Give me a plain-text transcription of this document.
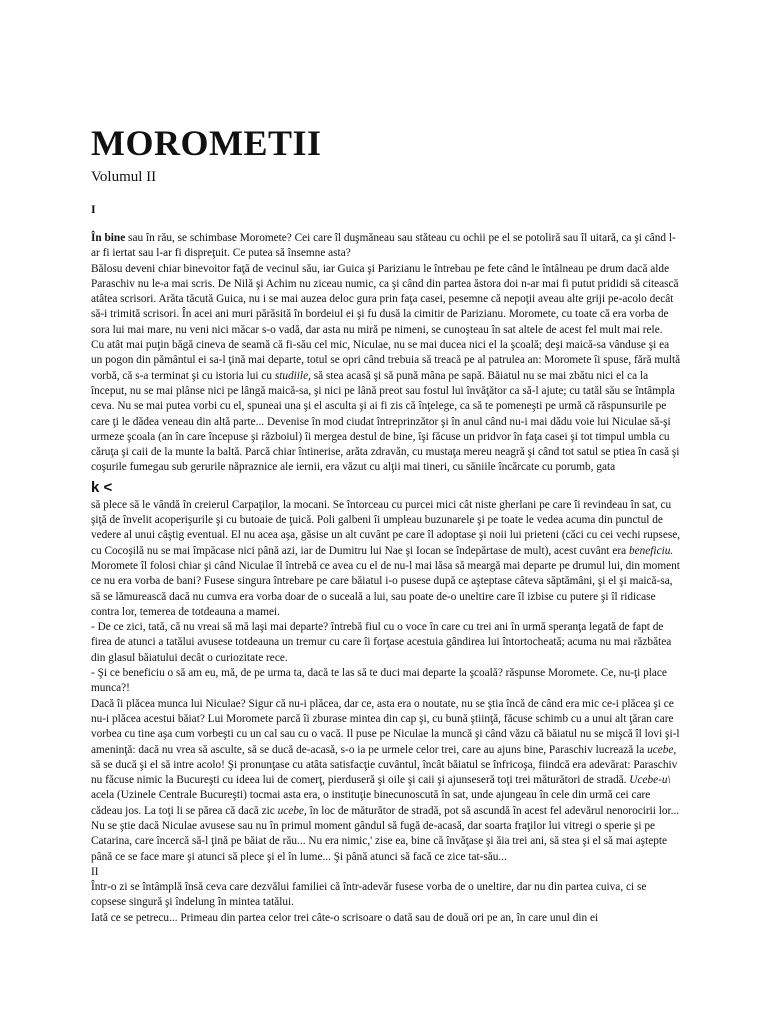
MOROMETII
Volumul II
I

În bine sau în rău, se schimbase Moromete? Cei care îl duşmăneau sau stăteau cu ochii pe el se potoliră sau îl uitară, ca şi când l-ar fi iertat sau l-ar fi dispreţuit. Ce putea să însemne asta?

Bălosu deveni chiar binevoitor faţă de vecinul său, iar Guica şi Parizianu le întrebau pe fete când le întâlneau pe drum dacă alde Paraschiv nu le-a mai scris. De Nilă şi Achim nu ziceau numic, ca şi când din partea ăstora doi n-ar mai fi putut prididi să citească atâtea scrisori. Arăta tăcută Guica, nu i se mai auzea deloc gura prin faţa casei, pesemne că nepoţii aveau alte griji pe-acolo decât să-i trimită scrisori. În acei ani muri părăsită în bordeiul ei şi fu dusă la cimitir de Parizianu. Moromete, cu toate că era vorba de sora lui mai mare, nu veni nici măcar s-o vadă, dar asta nu miră pe nimeni, se cunoşteau în sat altele de acest fel mult mai rele.

Cu atât mai puţin băgă cineva de seamă că fi-său cel mic, Niculae, nu se mai ducea nici el la şcoală; deşi maică-sa vânduse şi ea un pogon din pământul ei sa-l ţină mai departe, totul se opri când trebuia să treacă pe al patrulea an: Moromete îi spuse, fără multă vorbă, că s-a terminat şi cu istoria lui cu studiile, să stea acasă şi să pună mâna pe sapă. Băiatul nu se mai zbătu nici el ca la început, nu se mai plânse nici pe lângă maică-sa, şi nici pe lână preot sau fostul lui învăţător ca să-l ajute; cu tatăl său se întâmpla ceva. Nu se mai putea vorbi cu el, spuneai una şi el asculta şi ai fi zis că înţelege, ca să te pomeneşti pe urmă că răspunsurile pe care ţi le dădea veneau din altă parte... Devenise în mod ciudat întreprinzător şi în anul când nu-i mai dădu voie lui Niculae să-şi urmeze şcoala (an în care începuse şi războiul) îi mergea destul de bine, îşi făcuse un pridvor în faţa casei şi tot timpul umbla cu căruţa şi caii de la munte la baltă. Parcă chiar întinerise, arăta zdravăn, cu mustaţa mereu neagră şi când tot satul se ptiea în casă şi coşurile fumegau sub gerurile năpraznice ale iernii, era văzut cu alţii mai tineri, cu săniile încărcate cu porumb, gata

k <

să plece să le vândă în creierul Carpaţilor, la mocani. Se întorceau cu purcei mici cât niste gherlani pe care îi revindeau în sat, cu şiţă de învelit acoperişurile şi cu butoaie de ţuică. Poli galbeni îi umpleau buzunarele şi pe toate le vedea acuma din punctul de vedere al unui câştig eventual. El nu acea aşa, găsise un alt cuvânt pe care îl adoptase şi noii lui prieteni (căci cu cei vechi rupsese, cu Cocoşilă nu se mai împăcase nici până azi, iar de Dumitru lui Nae şi Iocan se îndepărtase de mult), acest cuvânt era beneficiu. Moromete îl folosi chiar şi când Niculae îl întrebă ce avea cu el de nu-l mai lăsa să meargă mai departe pe drumul lui, din moment ce nu era vorba de bani? Fusese singura întrebare pe care băiatul i-o pusese după ce aşteptase câteva săptămâni, şi el şi maică-sa, să se lămurească dacă nu cumva era vorba doar de o suceală a lui, sau poate de-o uneltire care îl izbise cu putere şi îl ridicase contra lor, temerea de totdeauna a mamei.

- De ce zici, tată, că nu vreai să mă laşi mai departe? întrebă fiul cu o voce în care cu trei ani în urmă speranţa legată de fapt de firea de atunci a tatălui avusese totdeauna un tremur cu care îi forţase acestuia gândirea lui întortocheată; acuma nu mai răzbătea din glasul băiatului decât o curiozitate rece.

- Şi ce beneficiu o să am eu, mă, de pe urma ta, dacă te las să te duci mai departe la şcoală? răspunse Moromete. Ce, nu-ţi place munca?!

Dacă îi plăcea munca lui Niculae? Sigur că nu-i plăcea, dar ce, asta era o noutate, nu se ştia încă de când era mic ce-i plăcea şi ce nu-i plăcea acestui băiat? Lui Moromete parcă îi zburase mintea din cap şi, cu bună ştiinţă, făcuse schimb cu a unui alt ţăran care vorbea cu tine aşa cum vorbeşti cu un cal sau cu o vacă. Il puse pe Niculae la muncă şi când văzu că băiatul nu se mişcă îl lovi şi-l ameninţă: dacă nu vrea să asculte, să se ducă de-acasă, s-o ia pe urmele celor trei, care au ajuns bine, Paraschiv lucrează la ucebe, să se ducă şi el să intre acolo! Şi pronunţase cu atâta satisfacţie cuvântul, încât băiatul se înfricoşa, fiindcă era adevărat: Paraschiv nu făcuse nimic la Bucureşti cu ideea lui de comerţ, pierduseră şi oile şi caii şi ajunseseră toţi trei măturători de stradă. Ucebe-u\ acela (Uzinele Centrale Bucureşti) tocmai asta era, o instituţie binecunoscută în sat, unde ajungeau în cele din urmă cei care cădeau jos. La toţi li se părea că dacă zic ucebe, în loc de măturător de stradă, pot să ascundă în acest fel adevărul nenorocirii lor... Nu se ştie dacă Niculae avusese sau nu în primul moment gândul să fugă de-acasă, dar soarta fraţilor lui vitregi o sperie şi pe Catarina, care încercă să-l ţină pe băiat de rău... Nu era nimic,' zise ea, bine că învăţase şi ăia trei ani, să stea şi el să mai aştepte până ce se face mare şi atunci să plece şi el în lume... Şi până atunci să facă ce zice tat-său...

II

Într-o zi se întâmplă însă ceva care dezvălui familiei că într-adevăr fusese vorba de o uneltire, dar nu din partea cuiva, ci se copsese singură şi îndelung în mintea tatălui.

Iată ce se petrecu... Primeau din partea celor trei câte-o scrisoare o dată sau de două ori pe an, în care unul din ei
